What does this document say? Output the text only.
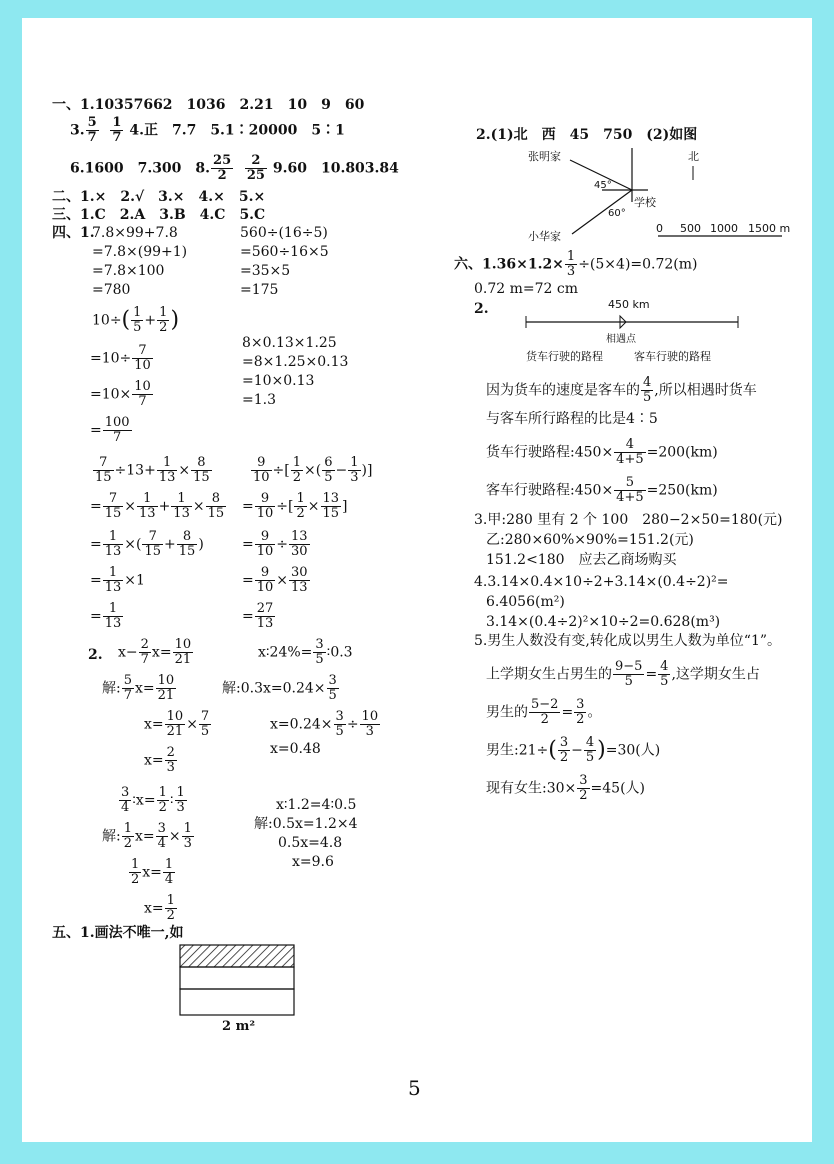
一、1.10357662　1036　2.21　10　9　60
3. $\frac{5}{7}$
$\frac{1}{7} 4$.正　7.7　5.1∶20000　5∶1
6.1600　7.300　8. $\frac{25}{2}$
$\frac{2}{25} 9.60$　10.803.84
二、1.×　2.√　3.×　4.×　5.×
三、1.C　2.A　3.B　4.C　5.C
四、1.
7.8×99+7.8
=7.8×(99+1)
=7.8×100
=780
560÷(16÷5)
=560÷16×5
=35×5
=175
$10\div( \frac{1}{5} + \frac{1}{2}$ )
$=10\div \frac{7}{10}$
$=10\times \frac{10}{7}$
= $\frac{100}{7}$
8×0.13×1.25
=8×1.25×0.13
=10×0.13
=1.3
$\frac{7}{15} \div 13+ \frac{1}{13} \times \frac{8}{15}$
= $\frac{7}{15} \times \frac{1}{13} + \frac{1}{13} \times \frac{8}{15}$
= $\frac{1}{13}$ ×( $\frac{7}{15} + \frac{8}{15}$ )
= $\frac{1}{13} \times 1$
= $\frac{1}{13}$
$\frac{9}{10}$ ÷[ $\frac{1}{2}$ ×( $\frac{6}{5} - \frac{1}{3}$ )]
= $\frac{9}{10}$ ÷[ $\frac{1}{2} \times \frac{13}{15}$ ]
= $\frac{9}{10} \div \frac{13}{30}$
= $\frac{9}{10} \times \frac{30}{13}$
= $\frac{27}{13}$
2. $x- \frac{2}{7} x= \frac{10}{21}$
解: $\frac{5}{7} x= \frac{10}{21}$
$x= \frac{10}{21} \times \frac{7}{5}$
$x= \frac{2}{3}$
x∶24%= $\frac{3}{5}$ ∶0.3
解:0.3x=0.24× $\frac{3}{5}$
$x=0.24\times \frac{3}{5} \div \frac{10}{3}$
x=0.48
$\frac{3}{4}$ ∶x= $\frac{1}{2}$ ∶ $\frac{1}{3}$
解: $\frac{1}{2} x= \frac{3}{4} \times \frac{1}{3}$
$\frac{1}{2} x= \frac{1}{4}$
$x= \frac{1}{2}$
x∶1.2=4∶0.5
解:0.5x=1.2×4
0.5x=4.8
x=9.6
五、1.画法不唯一,如
2 m²
2.(1)北　西　45　750　(2)如图
张明家
小华家
学校
45°
60°
北
0 500 1000 1500 m
六、$1.36\times 1.2\times \frac{1}{3} \div(5\times 4)=0.72(m)$
0.72 m=72 cm
2.	450 km
相遇点
货车行驶的路程	客车行驶的路程
因为货车的速度是客车的 $\frac{4}{5}$ ,所以相遇时货车
与客车所行路程的比是4∶5
货车行驶路程:450× $\frac{4}{4+5} =200(km)$
客车行驶路程:450× $\frac{5}{4+5} =250(km)$
3.甲:280 里有 2 个 100　280−2×50=180(元)
乙:280×60%×90%=151.2(元)
151.2<180　应去乙商场购买
4.3.14×0.4×10÷2+3.14×(0.4÷2)²=
6.4056(m²)
3.14×(0.4÷2)²×10÷2=0.628(m³)
5.男生人数没有变,转化成以男生人数为单位“1”。
上学期女生占男生的 $\frac{9-5}{5} = \frac{4}{5}$ ,这学期女生占
男生的 $\frac{5-2}{2} = \frac{3}{2}$ 。
男生:21÷( $\frac{3}{2} - \frac{4}{5} )=30$(人)
现有女生:30× $\frac{3}{2} =45$(人)
5
